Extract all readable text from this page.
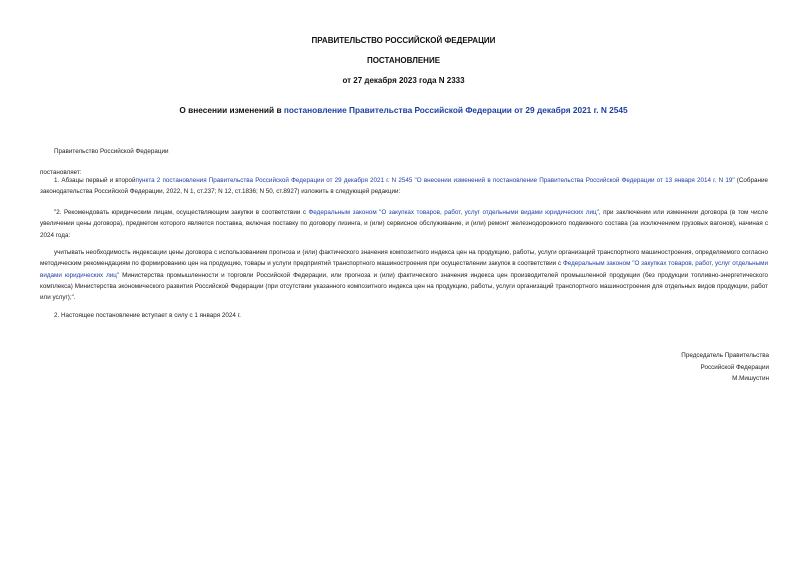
ПРАВИТЕЛЬСТВО РОССИЙСКОЙ ФЕДЕРАЦИИ
ПОСТАНОВЛЕНИЕ
от 27 декабря 2023 года N 2333
О внесении изменений в постановление Правительства Российской Федерации от 29 декабря 2021 г. N 2545
Правительство Российской Федерации
постановляет:
1. Абзацы первый и второйпункта 2 постановления Правительства Российской Федерации от 29 декабря 2021 г. N 2545 "О внесении изменений в постановление Правительства Российской Федерации от 13 января 2014 г. N 19" (Собрание законодательства Российской Федерации, 2022, N 1, ст.237; N 12, ст.1836; N 50, ст.8927) изложить в следующей редакции:
"2. Рекомендовать юридическим лицам, осуществляющим закупки в соответствии с Федеральным законом "О закупках товаров, работ, услуг отдельными видами юридических лиц", при заключении или изменении договора (в том числе увеличении цены договора), предметом которого является поставка, включая поставку по договору лизинга, и (или) сервисное обслуживание, и (или) ремонт железнодорожного подвижного состава (за исключением грузовых вагонов), начиная с 2024 года:
учитывать необходимость индексации цены договора с использованием прогноза и (или) фактического значения композитного индекса цен на продукцию, работы, услуги организаций транспортного машиностроения, определяемого согласно методическим рекомендациям по формированию цен на продукцию, товары и услуги предприятий транспортного машиностроения при осуществлении закупок в соответствии с Федеральным законом "О закупках товаров, работ, услуг отдельными видами юридических лиц" Министерства промышленности и торговли Российской Федерации, или прогноза и (или) фактического значения индекса цен производителей промышленной продукции (без продукции топливно-энергетического комплекса) Министерства экономического развития Российской Федерации (при отсутствии указанного композитного индекса цен на продукцию, работы, услуги организаций транспортного машиностроения для отдельных видов продукции, работ или услуг);".
2. Настоящее постановление вступает в силу с 1 января 2024 г.
Председатель Правительства
Российской Федерации
М.Мишустин
